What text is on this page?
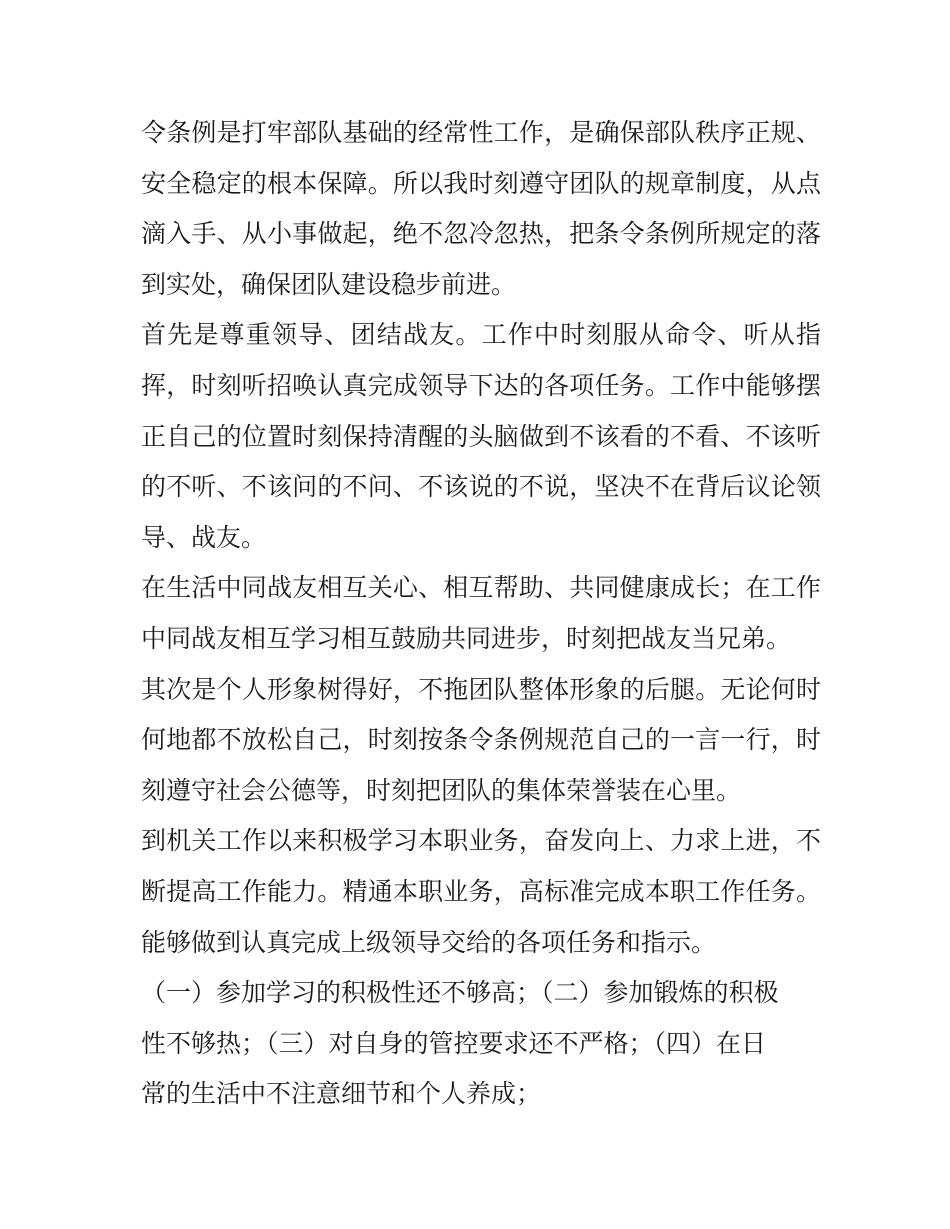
令条例是打牢部队基础的经常性工作，是确保部队秩序正规、
安全稳定的根本保障。所以我时刻遵守团队的规章制度，从点
滴入手、从小事做起，绝不忽冷忽热，把条令条例所规定的落
到实处，确保团队建设稳步前进。
首先是尊重领导、团结战友。工作中时刻服从命令、听从指
挥，时刻听招唤认真完成领导下达的各项任务。工作中能够摆
正自己的位置时刻保持清醒的头脑做到不该看的不看、不该听
的不听、不该问的不问、不该说的不说，坚决不在背后议论领
导、战友。
在生活中同战友相互关心、相互帮助、共同健康成长；在工作
中同战友相互学习相互鼓励共同进步，时刻把战友当兄弟。
其次是个人形象树得好，不拖团队整体形象的后腿。无论何时
何地都不放松自己，时刻按条令条例规范自己的一言一行，时
刻遵守社会公德等，时刻把团队的集体荣誉装在心里。
到机关工作以来积极学习本职业务，奋发向上、力求上进，不
断提高工作能力。精通本职业务，高标准完成本职工作任务。
能够做到认真完成上级领导交给的各项任务和指示。
（一）参加学习的积极性还不够高；（二）参加锻炼的积极
性不够热；（三）对自身的管控要求还不严格；（四）在日
常的生活中不注意细节和个人养成；
